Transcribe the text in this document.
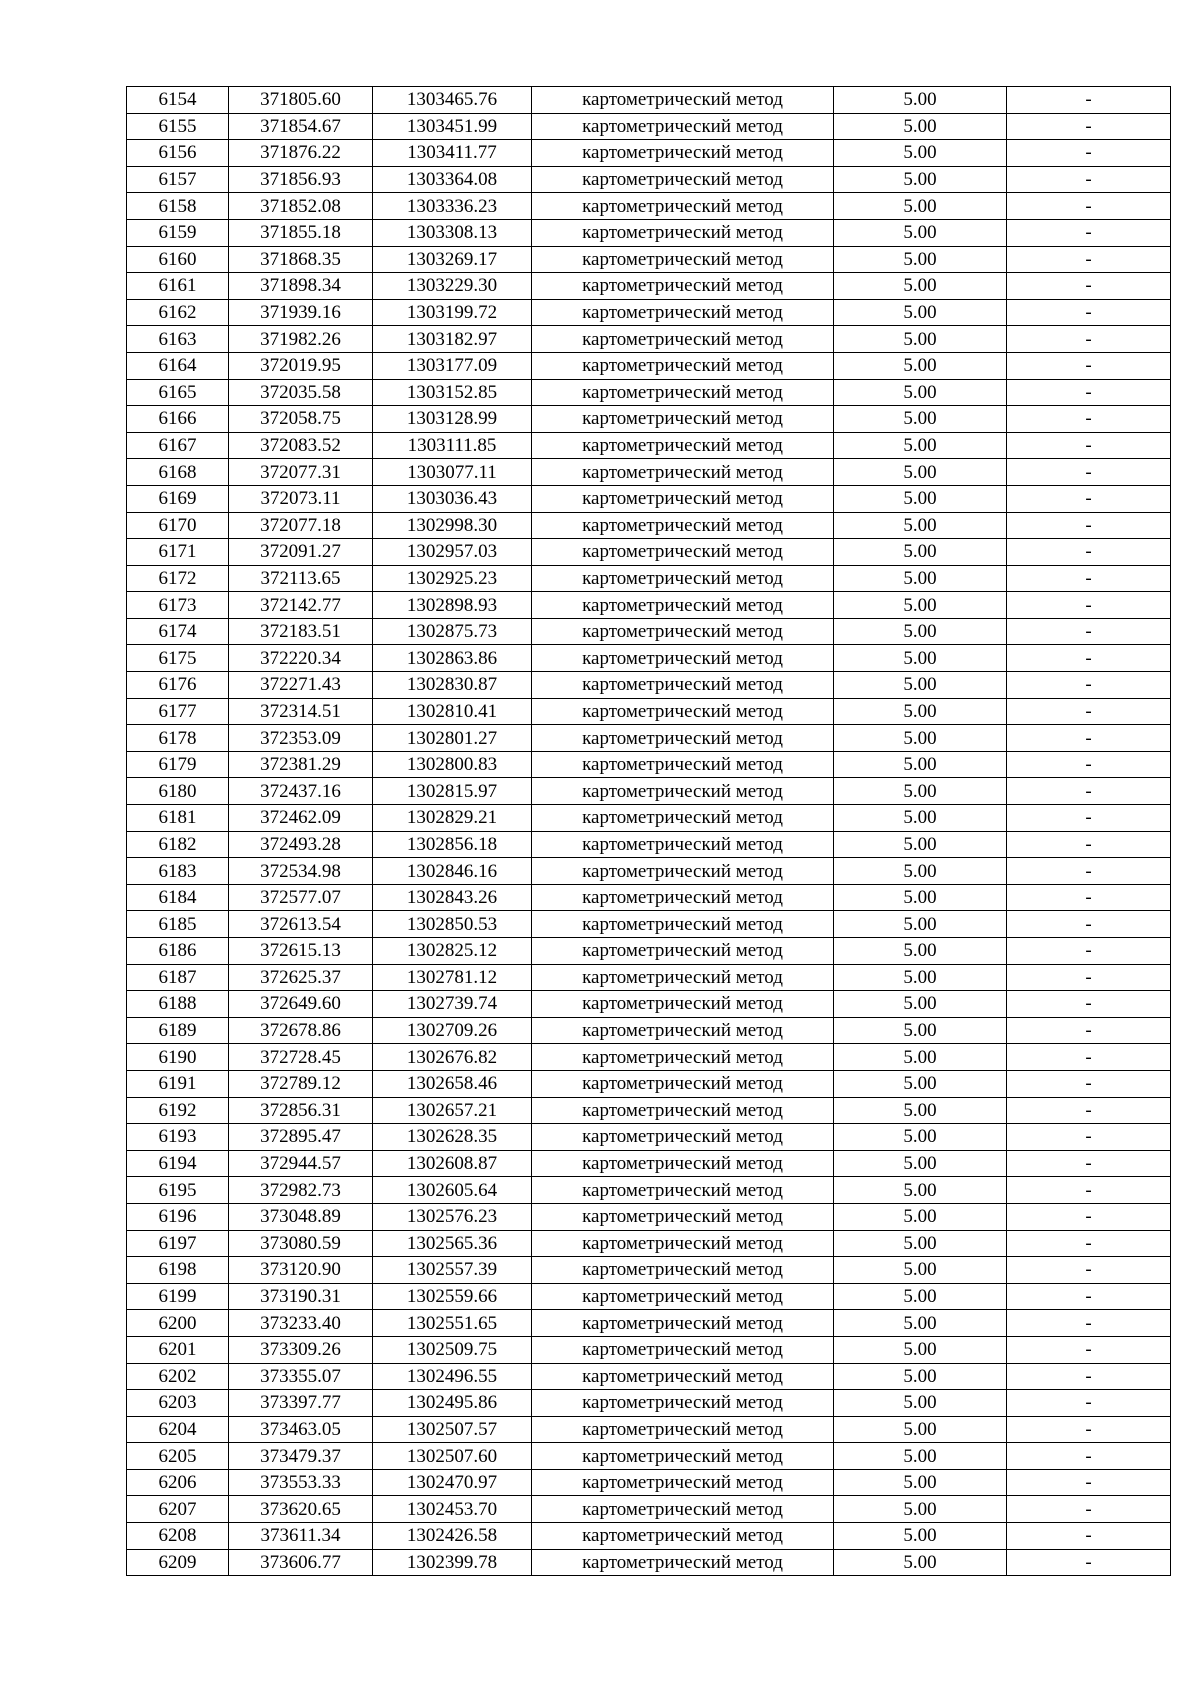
6154	371805.60	1303465.76	картометрический метод	5.00	-
6155	371854.67	1303451.99	картометрический метод	5.00	-
6156	371876.22	1303411.77	картометрический метод	5.00	-
6157	371856.93	1303364.08	картометрический метод	5.00	-
6158	371852.08	1303336.23	картометрический метод	5.00	-
6159	371855.18	1303308.13	картометрический метод	5.00	-
6160	371868.35	1303269.17	картометрический метод	5.00	-
6161	371898.34	1303229.30	картометрический метод	5.00	-
6162	371939.16	1303199.72	картометрический метод	5.00	-
6163	371982.26	1303182.97	картометрический метод	5.00	-
6164	372019.95	1303177.09	картометрический метод	5.00	-
6165	372035.58	1303152.85	картометрический метод	5.00	-
6166	372058.75	1303128.99	картометрический метод	5.00	-
6167	372083.52	1303111.85	картометрический метод	5.00	-
6168	372077.31	1303077.11	картометрический метод	5.00	-
6169	372073.11	1303036.43	картометрический метод	5.00	-
6170	372077.18	1302998.30	картометрический метод	5.00	-
6171	372091.27	1302957.03	картометрический метод	5.00	-
6172	372113.65	1302925.23	картометрический метод	5.00	-
6173	372142.77	1302898.93	картометрический метод	5.00	-
6174	372183.51	1302875.73	картометрический метод	5.00	-
6175	372220.34	1302863.86	картометрический метод	5.00	-
6176	372271.43	1302830.87	картометрический метод	5.00	-
6177	372314.51	1302810.41	картометрический метод	5.00	-
6178	372353.09	1302801.27	картометрический метод	5.00	-
6179	372381.29	1302800.83	картометрический метод	5.00	-
6180	372437.16	1302815.97	картометрический метод	5.00	-
6181	372462.09	1302829.21	картометрический метод	5.00	-
6182	372493.28	1302856.18	картометрический метод	5.00	-
6183	372534.98	1302846.16	картометрический метод	5.00	-
6184	372577.07	1302843.26	картометрический метод	5.00	-
6185	372613.54	1302850.53	картометрический метод	5.00	-
6186	372615.13	1302825.12	картометрический метод	5.00	-
6187	372625.37	1302781.12	картометрический метод	5.00	-
6188	372649.60	1302739.74	картометрический метод	5.00	-
6189	372678.86	1302709.26	картометрический метод	5.00	-
6190	372728.45	1302676.82	картометрический метод	5.00	-
6191	372789.12	1302658.46	картометрический метод	5.00	-
6192	372856.31	1302657.21	картометрический метод	5.00	-
6193	372895.47	1302628.35	картометрический метод	5.00	-
6194	372944.57	1302608.87	картометрический метод	5.00	-
6195	372982.73	1302605.64	картометрический метод	5.00	-
6196	373048.89	1302576.23	картометрический метод	5.00	-
6197	373080.59	1302565.36	картометрический метод	5.00	-
6198	373120.90	1302557.39	картометрический метод	5.00	-
6199	373190.31	1302559.66	картометрический метод	5.00	-
6200	373233.40	1302551.65	картометрический метод	5.00	-
6201	373309.26	1302509.75	картометрический метод	5.00	-
6202	373355.07	1302496.55	картометрический метод	5.00	-
6203	373397.77	1302495.86	картометрический метод	5.00	-
6204	373463.05	1302507.57	картометрический метод	5.00	-
6205	373479.37	1302507.60	картометрический метод	5.00	-
6206	373553.33	1302470.97	картометрический метод	5.00	-
6207	373620.65	1302453.70	картометрический метод	5.00	-
6208	373611.34	1302426.58	картометрический метод	5.00	-
6209	373606.77	1302399.78	картометрический метод	5.00	-
